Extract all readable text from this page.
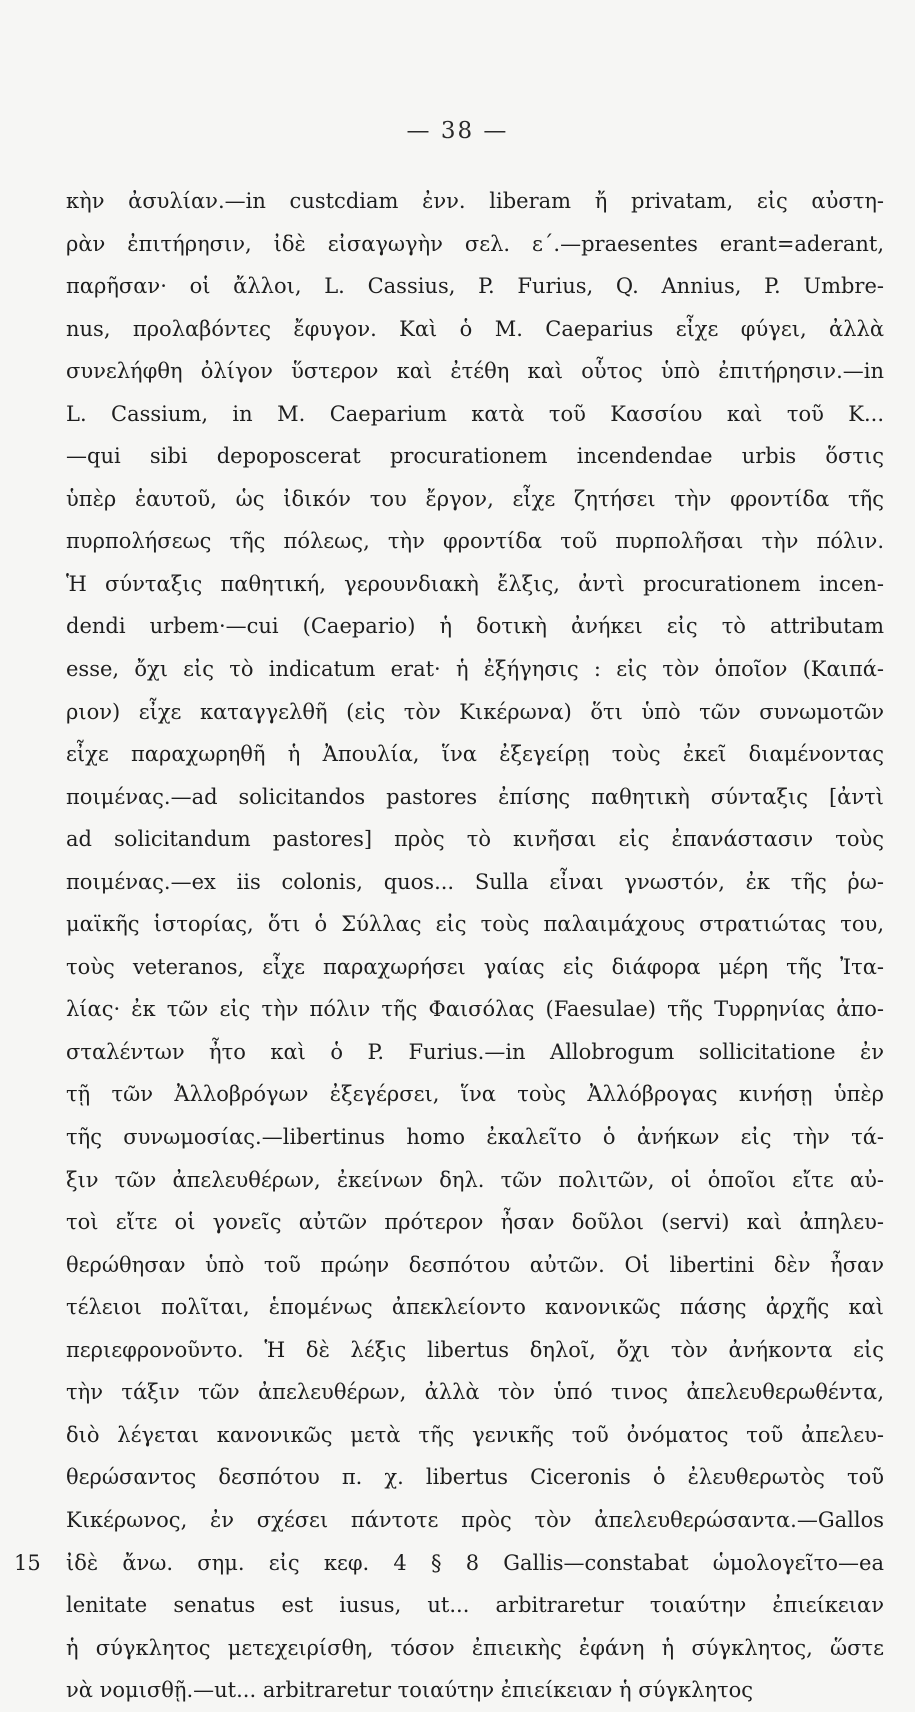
— 38 —
15
κὴν ἀσυλίαν.—in custcdiam ἐνν. liberam ἤ privatam, εἰς αὐστη-
ρὰν ἐπιτήρησιν, ἰδὲ εἰσαγωγὴν σελ. ε΄.—praesentes erant=aderant,
παρῆσαν· οἱ ἄλλοι, L. Cassius, P. Furius, Q. Annius, P. Umbre-
nus, προλαβόντες ἔφυγον. Καὶ ὁ Μ. Caeparius εἶχε φύγει, ἀλλὰ
συνελήφθη ὀλίγον ὕστερον καὶ ἐτέθη καὶ οὗτος ὑπὸ ἐπιτήρησιν.—in
L. Cassium, in M. Caeparium κατὰ τοῦ Κασσίου καὶ τοῦ Κ...
—qui sibi depoposcerat procurationem incendendae urbis ὅστις
ὑπὲρ ἑαυτοῦ, ὡς ἰδικόν του ἔργον, εἶχε ζητήσει τὴν φροντίδα τῆς
πυρπολήσεως τῆς πόλεως, τὴν φροντίδα τοῦ πυρπολῆσαι τὴν πόλιν.
Ἡ σύνταξις παθητική, γερουνδιακὴ ἔλξις, ἀντὶ procurationem incen-
dendi urbem·—cui (Caepario) ἡ δοτικὴ ἀνήκει εἰς τὸ attributam
esse, ὄχι εἰς τὸ indicatum erat· ἡ ἐξήγησις : εἰς τὸν ὁποῖον (Καιπά-
ριον) εἶχε καταγγελθῆ (εἰς τὸν Κικέρωνα) ὅτι ὑπὸ τῶν συνωμοτῶν
εἶχε παραχωρηθῆ ἡ Ἀπουλία, ἵνα ἐξεγείρῃ τοὺς ἐκεῖ διαμένοντας
ποιμένας.—ad solicitandos pastores ἐπίσης παθητικὴ σύνταξις [ἀντὶ
ad solicitandum pastores] πρὸς τὸ κινῆσαι εἰς ἐπανάστασιν τοὺς
ποιμένας.—ex iis colonis, quos... Sulla εἶναι γνωστόν, ἐκ τῆς ῥω-
μαϊκῆς ἱστορίας, ὅτι ὁ Σύλλας εἰς τοὺς παλαιμάχους στρατιώτας του,
τοὺς veteranos, εἶχε παραχωρήσει γαίας εἰς διάφορα μέρη τῆς Ἰτα-
λίας· ἐκ τῶν εἰς τὴν πόλιν τῆς Φαισόλας (Faesulae) τῆς Τυρρηνίας ἀπο-
σταλέντων ἦτο καὶ ὁ P. Furius.—in Allobrogum sollicitatione ἐν
τῇ τῶν Ἀλλοβρόγων ἐξεγέρσει, ἵνα τοὺς Ἀλλόβρογας κινήσῃ ὑπὲρ
τῆς συνωμοσίας.—libertinus homo ἐκαλεῖτο ὁ ἀνήκων εἰς τὴν τά-
ξιν τῶν ἀπελευθέρων, ἐκείνων δηλ. τῶν πολιτῶν, οἱ ὁποῖοι εἴτε αὐ-
τοὶ εἴτε οἱ γονεῖς αὐτῶν πρότερον ἦσαν δοῦλοι (servi) καὶ ἀπηλευ-
θερώθησαν ὑπὸ τοῦ πρώην δεσπότου αὐτῶν. Οἱ libertini δὲν ἦσαν
τέλειοι πολῖται, ἑπομένως ἀπεκλείοντο κανονικῶς πάσης ἀρχῆς καὶ
περιεφρονοῦντο. Ἡ δὲ λέξις libertus δηλοῖ, ὄχι τὸν ἀνήκοντα εἰς
τὴν τάξιν τῶν ἀπελευθέρων, ἀλλὰ τὸν ὑπό τινος ἀπελευθερωθέντα,
διὸ λέγεται κανονικῶς μετὰ τῆς γενικῆς τοῦ ὀνόματος τοῦ ἀπελευ-
θερώσαντος δεσπότου π. χ. libertus Ciceronis ὁ ἐλευθερωτὸς τοῦ
Κικέρωνος, ἐν σχέσει πάντοτε πρὸς τὸν ἀπελευθερώσαντα.—Gallos
ἰδὲ ἄνω. σημ. εἰς κεφ. 4 § 8 Gallis—constabat ὡμολογεῖτο—ea
lenitate senatus est iusus, ut... arbitraretur τοιαύτην ἐπιείκειαν
ἡ σύγκλητος μετεχειρίσθη, τόσον ἐπιεικὴς ἐφάνη ἡ σύγκλητος, ὥστε
νὰ νομισθῇ.—ut... arbitraretur τοιαύτην ἐπιείκειαν ἡ σύγκλητος
